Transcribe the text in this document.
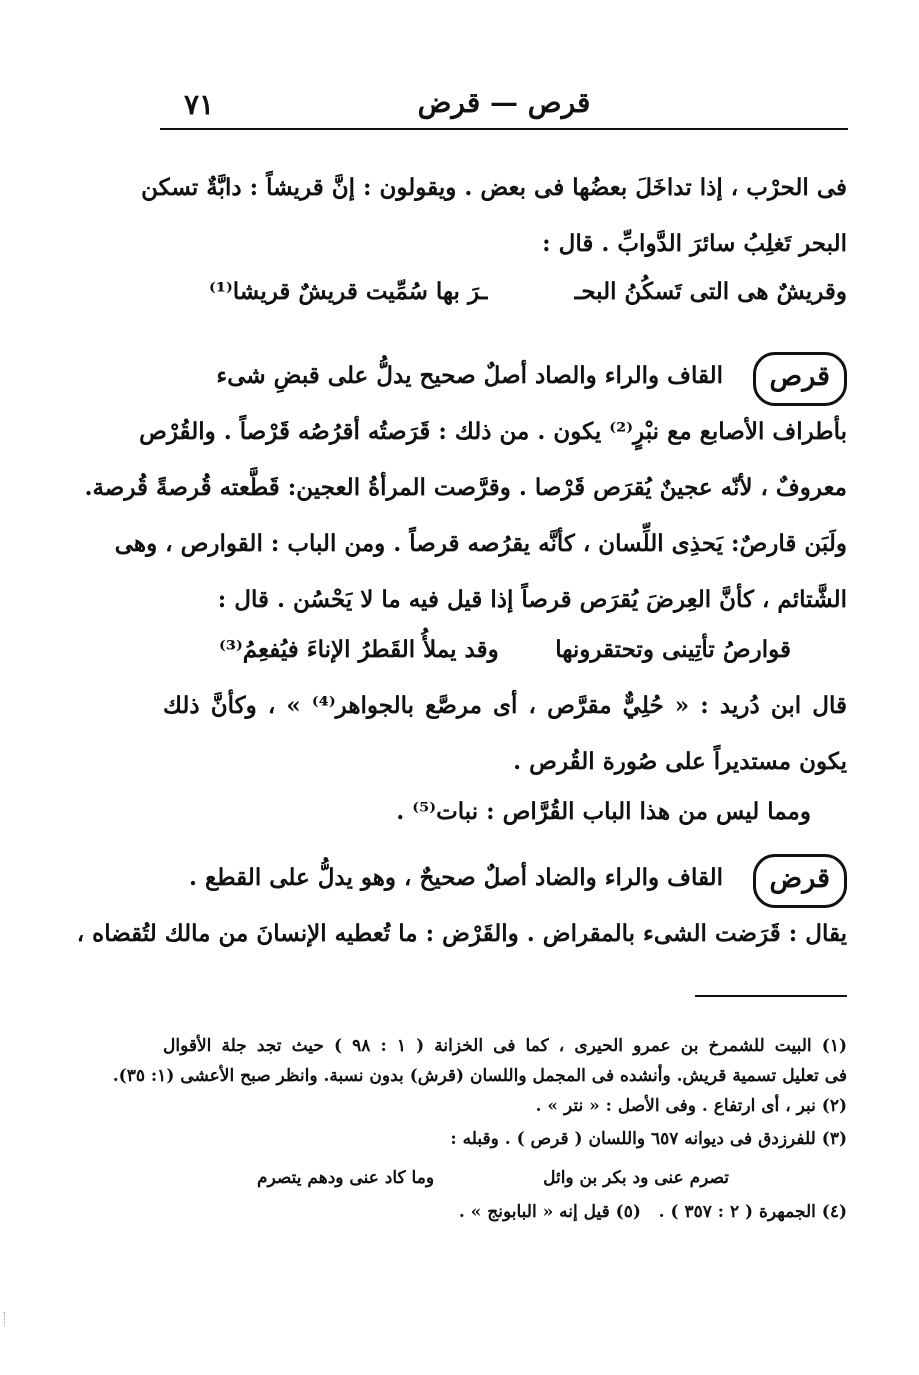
٧١	قرص — قرض
فى الحرْب ، إذا تداخَلَ بعضُها فى بعض . ويقولون : إنَّ قريشاً : دابَّةٌ تسكن
البحر تَغلِبُ سائرَ الدَّوابِّ . قال :
وقريشٌ هى التى تَسكُنُ البحـ
ـرَ بها سُمِّيت قريشٌ قريشا⁽¹⁾
قرص
القاف والراء والصاد أصلٌ صحيح يدلُّ على قبضِ شىء
بأطراف الأصابع مع نبْرٍ⁽²⁾ يكون . من ذلك : قَرَصتُه أقرُصُه قَرْصاً . والقُرْص
معروفٌ ، لأنّه عجينٌ يُقرَص قَرْصا . وقرَّصت المرأةُ العجين: قَطَّعته قُرصةً قُرصة.
ولَبَن قارصٌ: يَحذِى اللِّسان ، كأنَّه يقرُصه قرصاً . ومن الباب : القوارص ، وهى
الشَّتائم ، كأنَّ العِرضَ يُقرَص قرصاً إذا قيل فيه ما لا يَحْسُن . قال :
قوارصُ تأتِينى وتحتقرونها
وقد يملأُ القَطرُ الإناءَ فيُفعِمُ⁽³⁾
قال ابن دُريد : « حُلِيٌّ مقرَّص ، أى مرصَّع بالجواهر⁽⁴⁾ » ، وكأنَّ ذلك
يكون مستديراً على صُورة القُرص .
ومما ليس من هذا الباب القُرَّاص : نبات⁽⁵⁾ .
قرض
القاف والراء والضاد أصلٌ صحيحٌ ، وهو يدلُّ على القطع .
يقال : قَرَضت الشىء بالمقراض . والقَرْض : ما تُعطيه الإنسانَ من مالك لتُقضاه ،
(١) البيت للشمرخ بن عمرو الحيرى ، كما فى الخزانة ( ١ : ٩٨ ) حيث تجد جلة الأقوال
فى تعليل تسمية قريش. وأنشده فى المجمل واللسان (قرش) بدون نسبة. وانظر صبح الأعشى (١: ٣٥).
(٢) نبر ، أى ارتفاع . وفى الأصل : « نتر » .
(٣) للفرزدق فى ديوانه ٦٥٧ واللسان ( قرص ) . وقبله :
تصرم عنى ود بكر بن وائل
وما كاد عنى ودهم يتصرم
(٤) الجمهرة ( ٢ : ٣٥٧ ) .   (٥) قيل إنه « البابونج » .
